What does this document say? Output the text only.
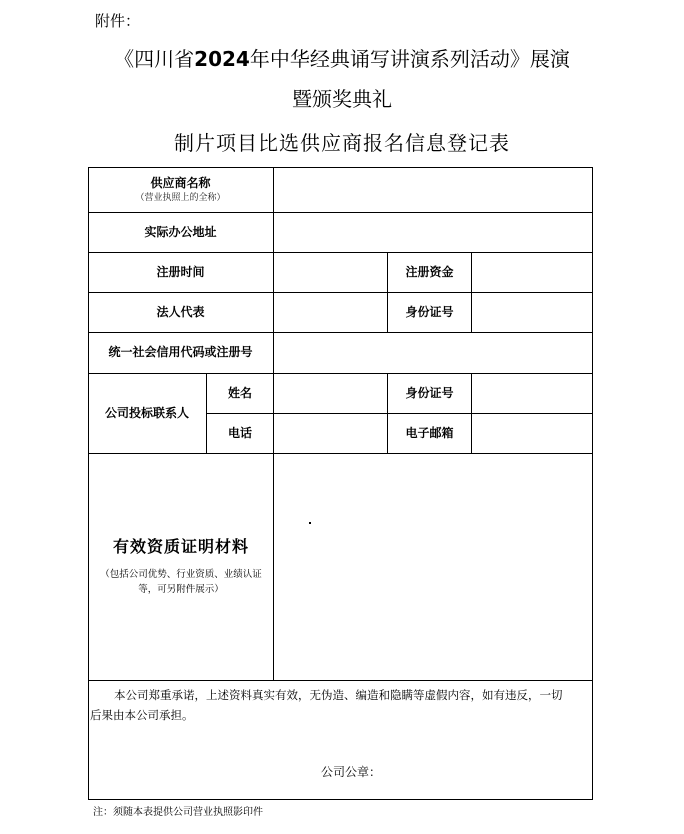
附件：
《四川省2024年中华经典诵写讲演系列活动》展演
暨颁奖典礼
制片项目比选供应商报名信息登记表
供应商名称
（营业执照上的全称）
实际办公地址
注册时间	注册资金
法人代表	身份证号
统一社会信用代码或注册号
公司投标联系人
姓名	身份证号
电话	电子邮箱
有效资质证明材料
（包括公司优势、行业资质、业绩认证等，可另附件展示）
本公司郑重承诺，上述资料真实有效，无伪造、编造和隐瞒等虚假内容，如有违反，一切
后果由本公司承担。
公司公章：
注：须随本表提供公司营业执照影印件
